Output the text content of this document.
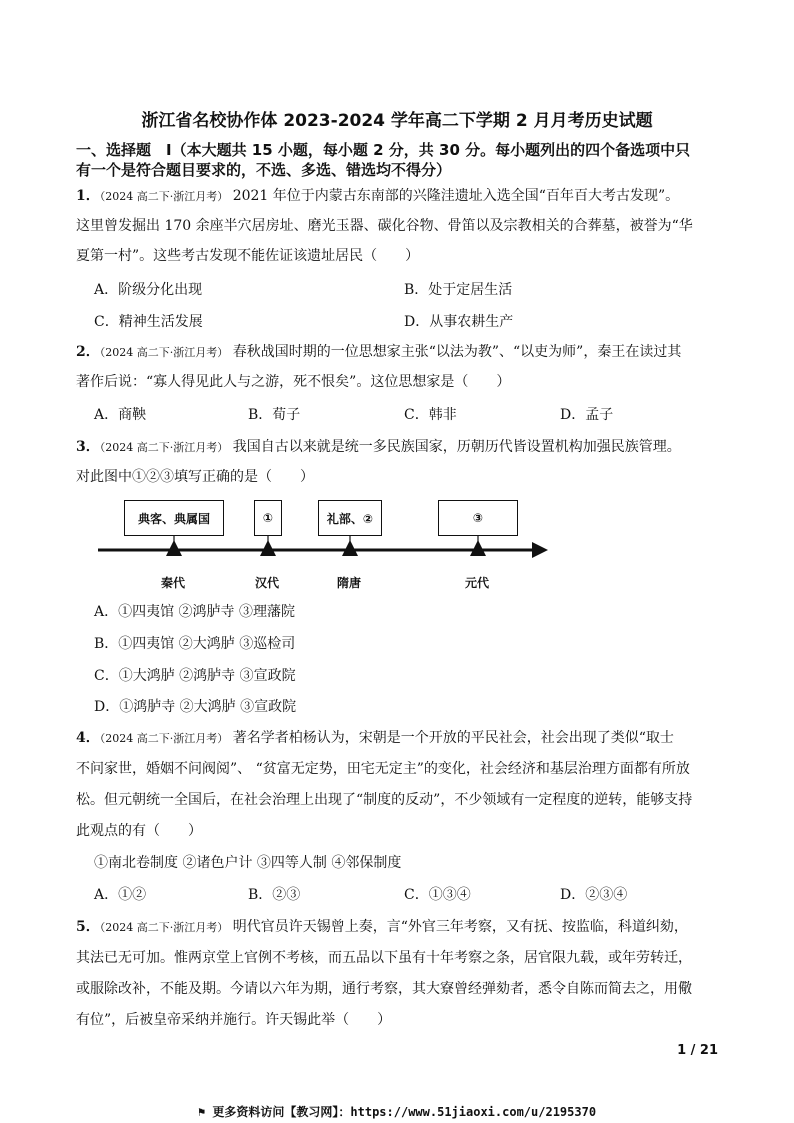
浙江省名校协作体 2023-2024 学年高二下学期 2 月月考历史试题
一、选择题　Ⅰ（本大题共 15 小题，每小题 2 分，共 30 分。每小题列出的四个备选项中只
有一个是符合题目要求的，不选、多选、错选均不得分）
1．（2024 高二下·浙江月考） 2021 年位于内蒙古东南部的兴隆洼遗址入选全国“百年百大考古发现”。
这里曾发掘出 170 余座半穴居房址、磨光玉器、碳化谷物、骨笛以及宗教相关的合葬墓，被誉为“华
夏第一村”。这些考古发现不能佐证该遗址居民（　　）
A．阶级分化出现	B．处于定居生活
C．精神生活发展	D．从事农耕生产
2．（2024 高二下·浙江月考） 春秋战国时期的一位思想家主张“以法为教”、“以吏为师”，秦王在读过其
著作后说：“寡人得见此人与之游，死不恨矣”。这位思想家是（　　）
A．商鞅	B．荀子	C．韩非	D．孟子
3．（2024 高二下·浙江月考） 我国自古以来就是统一多民族国家，历朝历代皆设置机构加强民族管理。
对此图中①②③填写正确的是（　　）
典客、典属国	①	礼部、②	③
秦代	汉代	隋唐	元代
A．①四夷馆 ②鸿胪寺 ③理藩院
B．①四夷馆 ②大鸿胪 ③巡检司
C．①大鸿胪 ②鸿胪寺 ③宣政院
D．①鸿胪寺 ②大鸿胪 ③宣政院
4．（2024 高二下·浙江月考） 著名学者柏杨认为，宋朝是一个开放的平民社会，社会出现了类似“取士
不问家世，婚姻不问阀阅”、 “贫富无定势，田宅无定主”的变化，社会经济和基层治理方面都有所放
松。但元朝统一全国后，在社会治理上出现了“制度的反动”，不少领域有一定程度的逆转，能够支持
此观点的有（　　）
①南北卷制度 ②诸色户计 ③四等人制 ④邻保制度
A．①②	B．②③	C．①③④	D．②③④
5．（2024 高二下·浙江月考） 明代官员许天锡曾上奏，言“外官三年考察，又有抚、按监临，科道纠劾，
其法已无可加。惟两京堂上官例不考核，而五品以下虽有十年考察之条，居官限九载，或年劳转迁，
或服除改补，不能及期。今请以六年为期，通行考察，其大寮曾经弹劾者，悉令自陈而简去之，用儆
有位”，后被皇帝采纳并施行。许天锡此举（　　）
1 / 21
⚑ 更多资料访问【教习网】：https://www.51jiaoxi.com/u/2195370
